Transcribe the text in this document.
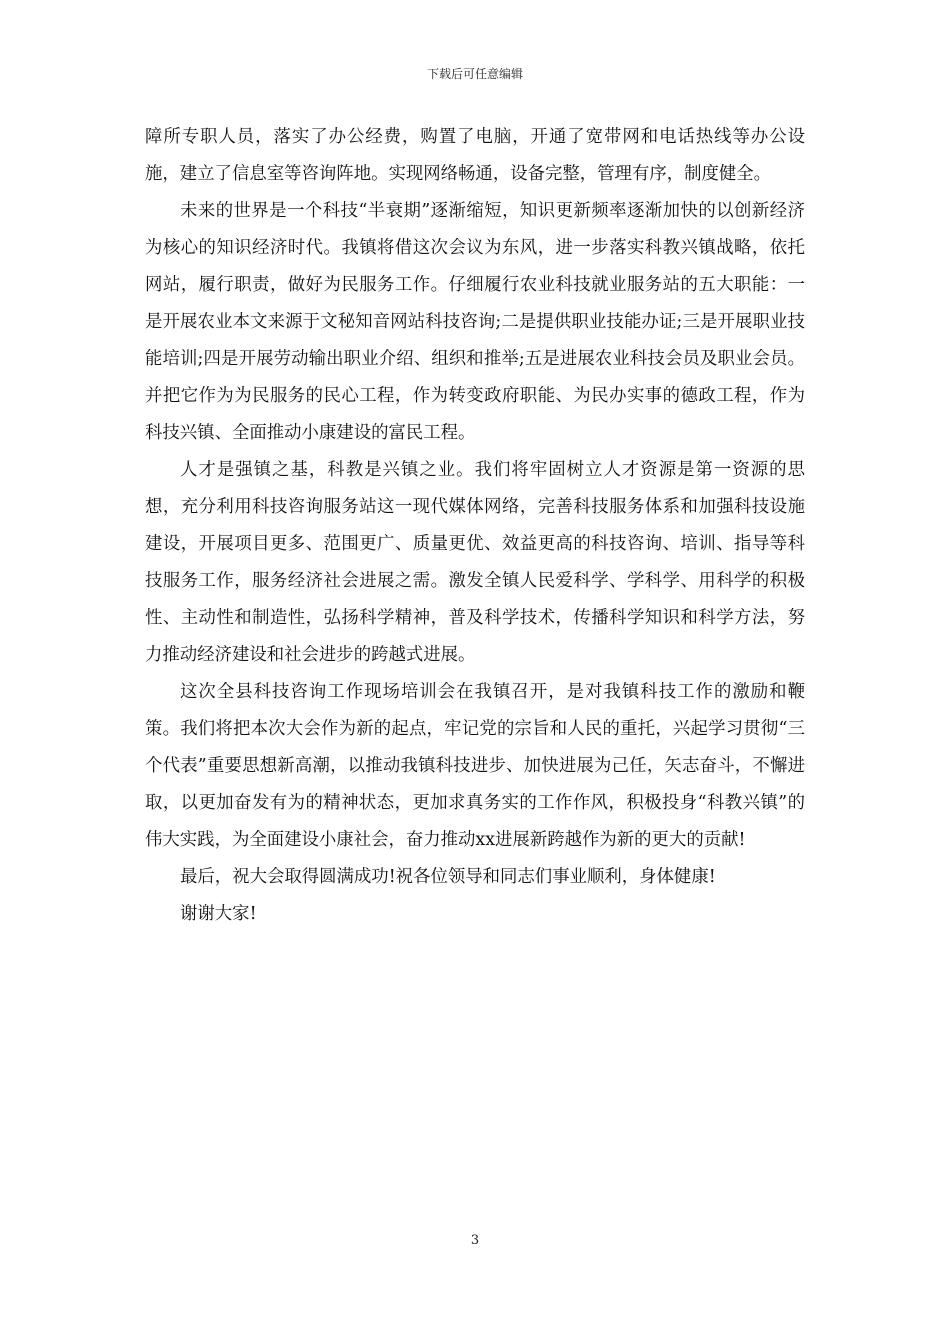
下载后可任意编辑

障所专职人员，落实了办公经费，购置了电脑，开通了宽带网和电话热线等办公设施，建立了信息室等咨询阵地。实现网络畅通，设备完整，管理有序，制度健全。

未来的世界是一个科技“半衰期”逐渐缩短，知识更新频率逐渐加快的以创新经济为核心的知识经济时代。我镇将借这次会议为东风，进一步落实科教兴镇战略，依托网站，履行职责，做好为民服务工作。仔细履行农业科技就业服务站的五大职能：一是开展农业本文来源于文秘知音网站科技咨询;二是提供职业技能办证;三是开展职业技能培训;四是开展劳动输出职业介绍、组织和推举;五是进展农业科技会员及职业会员。并把它作为为民服务的民心工程，作为转变政府职能、为民办实事的德政工程，作为科技兴镇、全面推动小康建设的富民工程。

人才是强镇之基，科教是兴镇之业。我们将牢固树立人才资源是第一资源的思想，充分利用科技咨询服务站这一现代媒体网络，完善科技服务体系和加强科技设施建设，开展项目更多、范围更广、质量更优、效益更高的科技咨询、培训、指导等科技服务工作，服务经济社会进展之需。激发全镇人民爱科学、学科学、用科学的积极性、主动性和制造性，弘扬科学精神，普及科学技术，传播科学知识和科学方法，努力推动经济建设和社会进步的跨越式进展。

这次全县科技咨询工作现场培训会在我镇召开，是对我镇科技工作的激励和鞭策。我们将把本次大会作为新的起点，牢记党的宗旨和人民的重托，兴起学习贯彻“三个代表”重要思想新高潮，以推动我镇科技进步、加快进展为己任，矢志奋斗，不懈进取，以更加奋发有为的精神状态，更加求真务实的工作作风，积极投身“科教兴镇”的伟大实践，为全面建设小康社会，奋力推动xx进展新跨越作为新的更大的贡献!

最后，祝大会取得圆满成功!祝各位领导和同志们事业顺利，身体健康!

谢谢大家!

3
